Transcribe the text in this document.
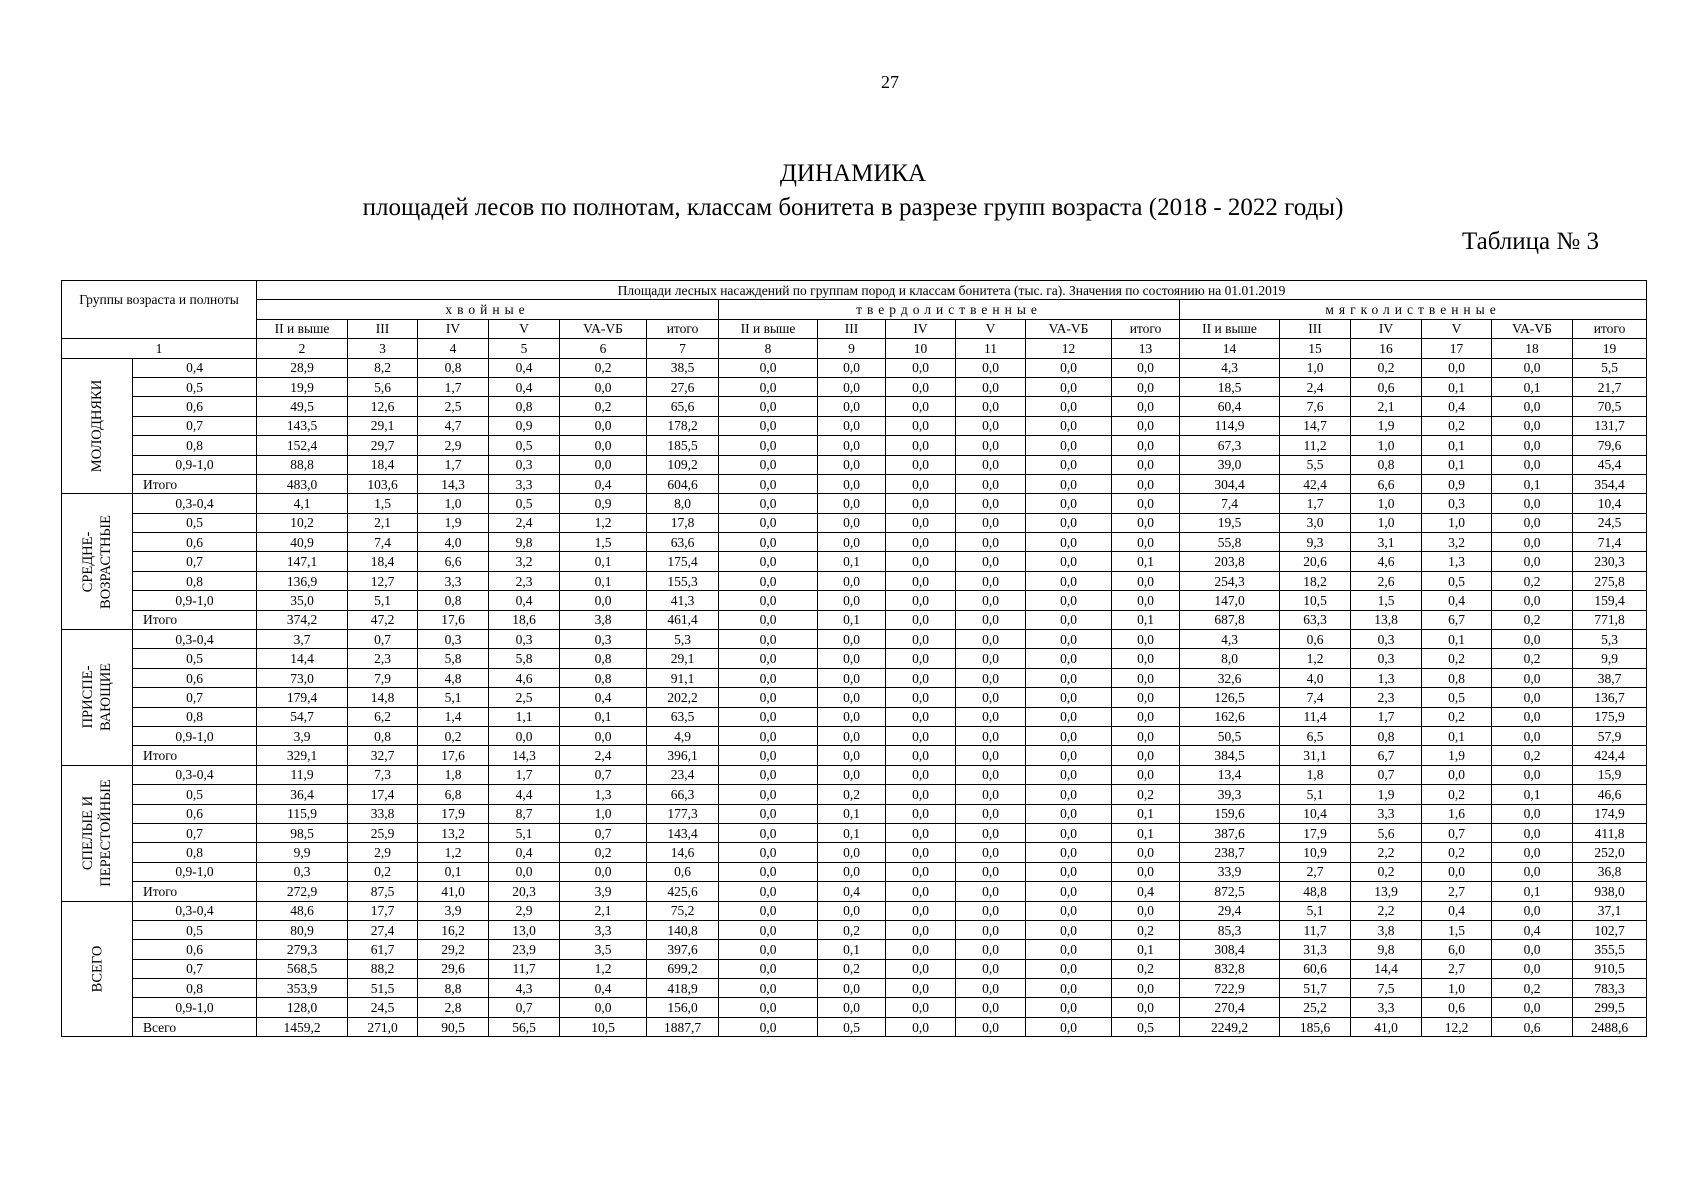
27
ДИНАМИКА
площадей лесов по полнотам, классам бонитета в разрезе групп возраста (2018 - 2022 годы)
Таблица № 3
Группы возраста и полноты		Площади лесных насаждений по группам пород и классам бонитета (тыс. га). Значения по состоянию на 01.01.2019																	
		хвойные						твердолиственные						мягколиственные					
		II и выше	III	IV	V	VA-VБ	итого	II и выше	III	IV	V	VA-VБ	итого	II и выше	III	IV	V	VA-VБ	итого
1		2	3	4	5	6	7	8	9	10	11	12	13	14	15	16	17	18	19

МОЛОДНЯКИ	0,4	28,9	8,2	0,8	0,4	0,2	38,5	0,0	0,0	0,0	0,0	0,0	0,0	4,3	1,0	0,2	0,0	0,0	5,5
	0,5	19,9	5,6	1,7	0,4	0,0	27,6	0,0	0,0	0,0	0,0	0,0	0,0	18,5	2,4	0,6	0,1	0,1	21,7
	0,6	49,5	12,6	2,5	0,8	0,2	65,6	0,0	0,0	0,0	0,0	0,0	0,0	60,4	7,6	2,1	0,4	0,0	70,5
	0,7	143,5	29,1	4,7	0,9	0,0	178,2	0,0	0,0	0,0	0,0	0,0	0,0	114,9	14,7	1,9	0,2	0,0	131,7
	0,8	152,4	29,7	2,9	0,5	0,0	185,5	0,0	0,0	0,0	0,0	0,0	0,0	67,3	11,2	1,0	0,1	0,0	79,6
	0,9-1,0	88,8	18,4	1,7	0,3	0,0	109,2	0,0	0,0	0,0	0,0	0,0	0,0	39,0	5,5	0,8	0,1	0,0	45,4
	Итого	483,0	103,6	14,3	3,3	0,4	604,6	0,0	0,0	0,0	0,0	0,0	0,0	304,4	42,4	6,6	0,9	0,1	354,4

СРЕДНЕ- ВОЗРАСТНЫЕ	0,3-0,4	4,1	1,5	1,0	0,5	0,9	8,0	0,0	0,0	0,0	0,0	0,0	0,0	7,4	1,7	1,0	0,3	0,0	10,4
	0,5	10,2	2,1	1,9	2,4	1,2	17,8	0,0	0,0	0,0	0,0	0,0	0,0	19,5	3,0	1,0	1,0	0,0	24,5
	0,6	40,9	7,4	4,0	9,8	1,5	63,6	0,0	0,0	0,0	0,0	0,0	0,0	55,8	9,3	3,1	3,2	0,0	71,4
	0,7	147,1	18,4	6,6	3,2	0,1	175,4	0,0	0,1	0,0	0,0	0,0	0,1	203,8	20,6	4,6	1,3	0,0	230,3
	0,8	136,9	12,7	3,3	2,3	0,1	155,3	0,0	0,0	0,0	0,0	0,0	0,0	254,3	18,2	2,6	0,5	0,2	275,8
	0,9-1,0	35,0	5,1	0,8	0,4	0,0	41,3	0,0	0,0	0,0	0,0	0,0	0,0	147,0	10,5	1,5	0,4	0,0	159,4
	Итого	374,2	47,2	17,6	18,6	3,8	461,4	0,0	0,1	0,0	0,0	0,0	0,1	687,8	63,3	13,8	6,7	0,2	771,8

ПРИСПЕ- ВАЮЩИЕ	0,3-0,4	3,7	0,7	0,3	0,3	0,3	5,3	0,0	0,0	0,0	0,0	0,0	0,0	4,3	0,6	0,3	0,1	0,0	5,3
	0,5	14,4	2,3	5,8	5,8	0,8	29,1	0,0	0,0	0,0	0,0	0,0	0,0	8,0	1,2	0,3	0,2	0,2	9,9
	0,6	73,0	7,9	4,8	4,6	0,8	91,1	0,0	0,0	0,0	0,0	0,0	0,0	32,6	4,0	1,3	0,8	0,0	38,7
	0,7	179,4	14,8	5,1	2,5	0,4	202,2	0,0	0,0	0,0	0,0	0,0	0,0	126,5	7,4	2,3	0,5	0,0	136,7
	0,8	54,7	6,2	1,4	1,1	0,1	63,5	0,0	0,0	0,0	0,0	0,0	0,0	162,6	11,4	1,7	0,2	0,0	175,9
	0,9-1,0	3,9	0,8	0,2	0,0	0,0	4,9	0,0	0,0	0,0	0,0	0,0	0,0	50,5	6,5	0,8	0,1	0,0	57,9
	Итого	329,1	32,7	17,6	14,3	2,4	396,1	0,0	0,0	0,0	0,0	0,0	0,0	384,5	31,1	6,7	1,9	0,2	424,4

СПЕЛЫЕ И ПЕРЕСТОЙНЫЕ	0,3-0,4	11,9	7,3	1,8	1,7	0,7	23,4	0,0	0,0	0,0	0,0	0,0	0,0	13,4	1,8	0,7	0,0	0,0	15,9
	0,5	36,4	17,4	6,8	4,4	1,3	66,3	0,0	0,2	0,0	0,0	0,0	0,2	39,3	5,1	1,9	0,2	0,1	46,6
	0,6	115,9	33,8	17,9	8,7	1,0	177,3	0,0	0,1	0,0	0,0	0,0	0,1	159,6	10,4	3,3	1,6	0,0	174,9
	0,7	98,5	25,9	13,2	5,1	0,7	143,4	0,0	0,1	0,0	0,0	0,0	0,1	387,6	17,9	5,6	0,7	0,0	411,8
	0,8	9,9	2,9	1,2	0,4	0,2	14,6	0,0	0,0	0,0	0,0	0,0	0,0	238,7	10,9	2,2	0,2	0,0	252,0
	0,9-1,0	0,3	0,2	0,1	0,0	0,0	0,6	0,0	0,0	0,0	0,0	0,0	0,0	33,9	2,7	0,2	0,0	0,0	36,8
	Итого	272,9	87,5	41,0	20,3	3,9	425,6	0,0	0,4	0,0	0,0	0,0	0,4	872,5	48,8	13,9	2,7	0,1	938,0

ВСЕГО	0,3-0,4	48,6	17,7	3,9	2,9	2,1	75,2	0,0	0,0	0,0	0,0	0,0	0,0	29,4	5,1	2,2	0,4	0,0	37,1
	0,5	80,9	27,4	16,2	13,0	3,3	140,8	0,0	0,2	0,0	0,0	0,0	0,2	85,3	11,7	3,8	1,5	0,4	102,7
	0,6	279,3	61,7	29,2	23,9	3,5	397,6	0,0	0,1	0,0	0,0	0,0	0,1	308,4	31,3	9,8	6,0	0,0	355,5
	0,7	568,5	88,2	29,6	11,7	1,2	699,2	0,0	0,2	0,0	0,0	0,0	0,2	832,8	60,6	14,4	2,7	0,0	910,5
	0,8	353,9	51,5	8,8	4,3	0,4	418,9	0,0	0,0	0,0	0,0	0,0	0,0	722,9	51,7	7,5	1,0	0,2	783,3
	0,9-1,0	128,0	24,5	2,8	0,7	0,0	156,0	0,0	0,0	0,0	0,0	0,0	0,0	270,4	25,2	3,3	0,6	0,0	299,5
	Всего	1459,2	271,0	90,5	56,5	10,5	1887,7	0,0	0,5	0,0	0,0	0,0	0,5	2249,2	185,6	41,0	12,2	0,6	2488,6
